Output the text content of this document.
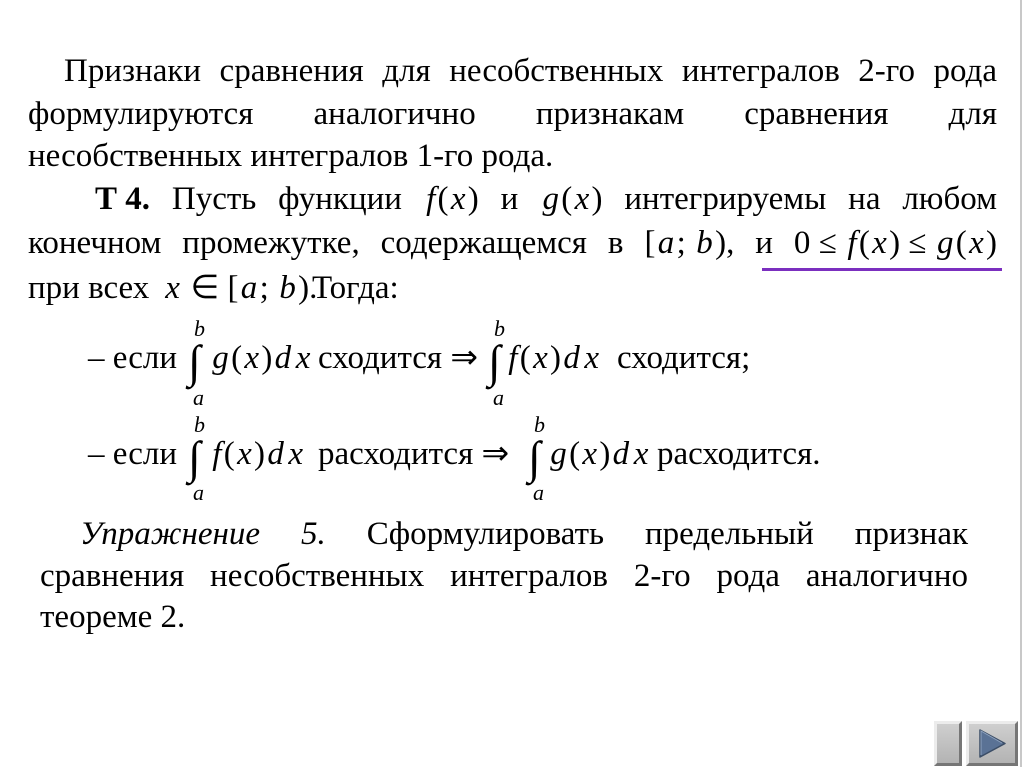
Признаки сравнения для несобственных интегралов 2-го рода
формулируются аналогично признакам сравнения для
несобственных интегралов 1-го рода.
Т 4. Пусть функции f(x) и g(x) интегрируемы на любом
конечном промежутке, содержащемся в [a; b), и 0 ≤ f(x) ≤ g(x)
при всех x ∈ [a; b).
Тогда:
– если ∫
b
a
g(x)d x сходится ⇒ ∫
b
a
f(x)d x сходится;
– если ∫
b
a
f(x)d x расходится ⇒ ∫
b
a
g(x)d x расходится.
Упражнение 5. Сформулировать предельный признак
сравнения несобственных интегралов 2-го рода аналогично
теореме 2.
